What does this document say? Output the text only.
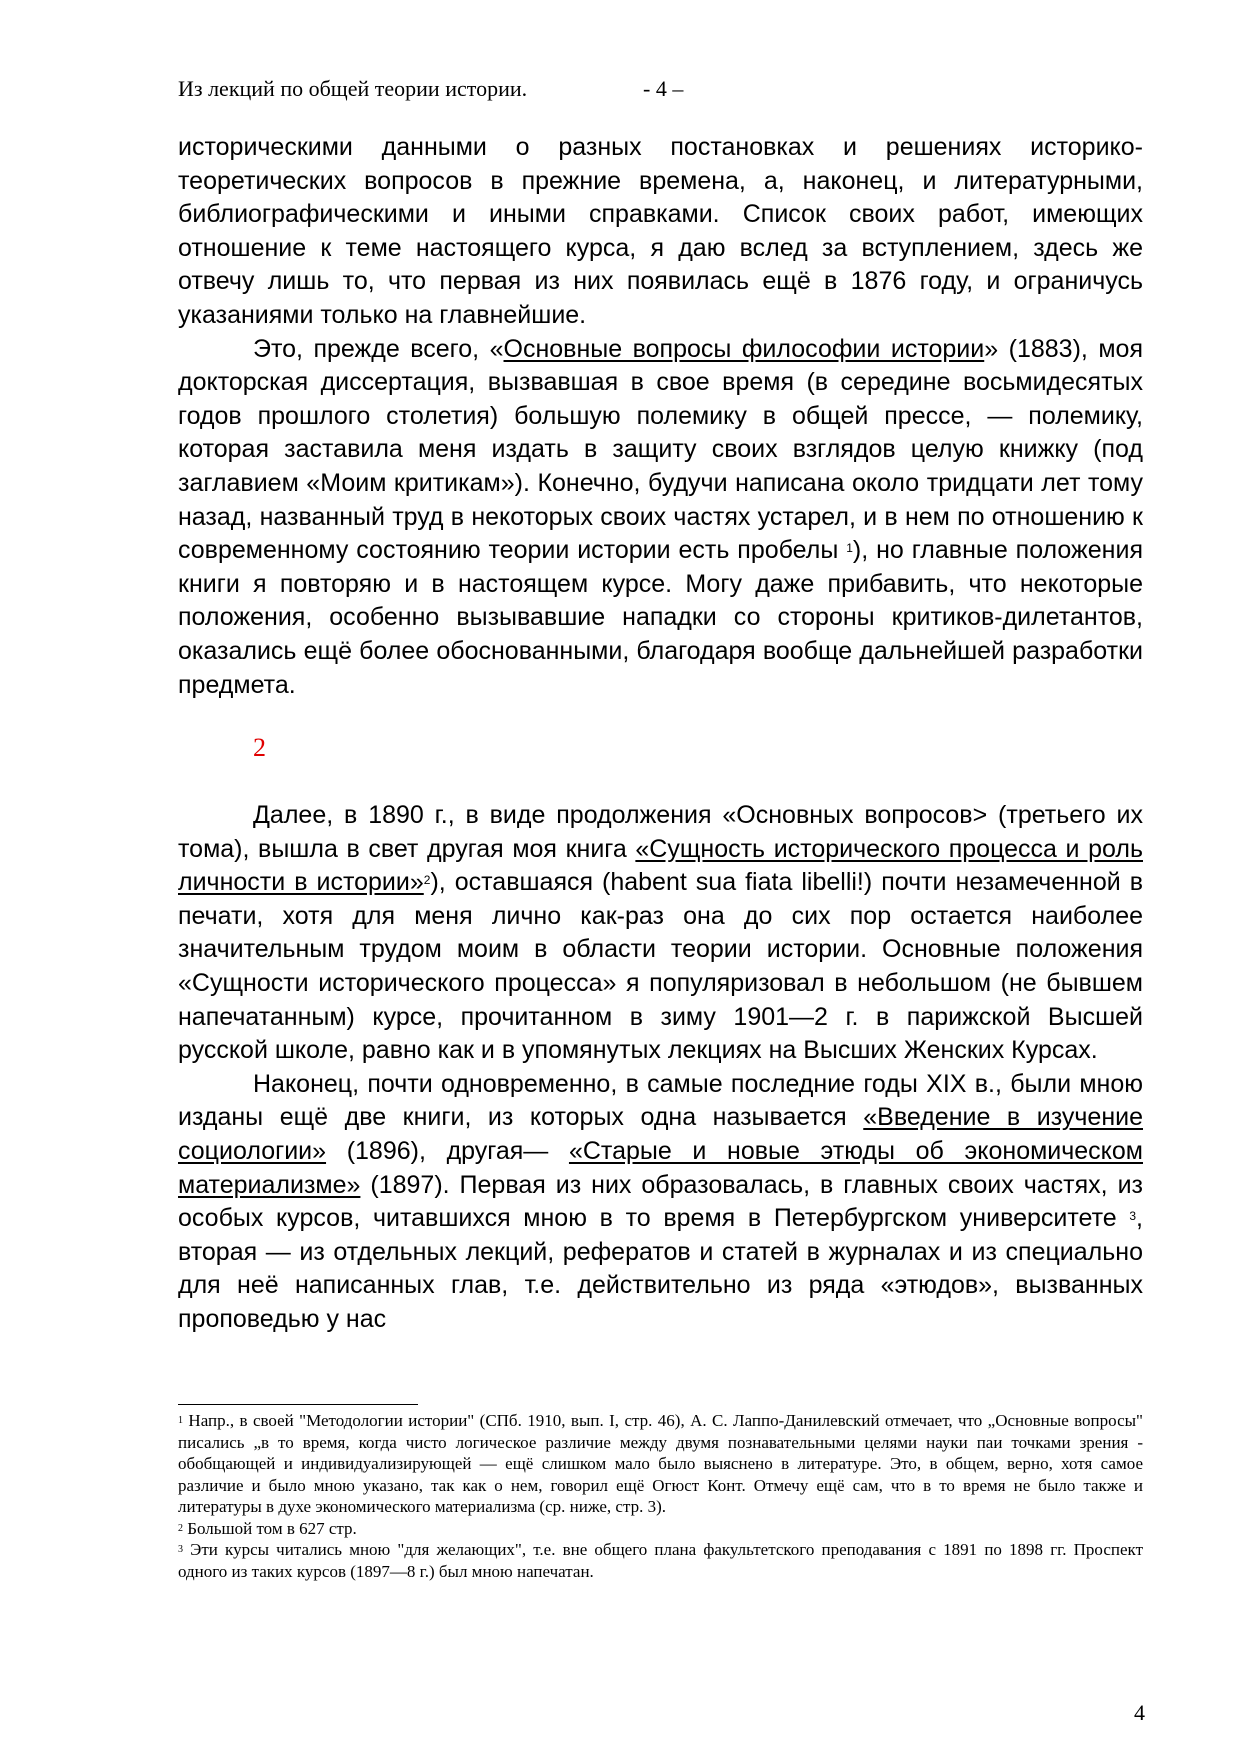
Из лекций по общей теории истории.	- 4 –

историческими данными о разных постановках и решениях историко-теоретических вопросов в прежние времена, а, наконец, и литературными, библиографическими и иными справками. Список своих работ, имеющих отношение к теме настоящего курса, я даю вслед за вступлением, здесь же отвечу лишь то, что первая из них появилась ещё в 1876 году, и ограничусь указаниями только на главнейшие.

Это, прежде всего, «Основные вопросы философии истории» (1883), моя докторская диссертация, вызвавшая в свое время (в середине восьмидесятых годов прошлого столетия) большую полемику в общей прессе, — полемику, которая заставила меня издать в защиту своих взглядов целую книжку (под заглавием «Моим критикам»). Конечно, будучи написана около тридцати лет тому назад, названный труд в некоторых своих частях устарел, и в нем по отношению к современному состоянию теории истории есть пробелы $^1$), но главные положения книги я повторяю и в настоящем курсе. Могу даже прибавить, что некоторые положения, особенно вызывавшие нападки со стороны критиков-дилетантов, оказались ещё более обоснованными, благодаря вообще дальнейшей разработки предмета.

2

Далее, в 1890 г., в виде продолжения «Основных вопросов> (третьего их тома), вышла в свет другая моя книга «Сущность исторического процесса и роль личности в истории»$^2$), оставшаяся (habent sua fiata libelli!) почти незамеченной в печати, хотя для меня лично как-раз она до сих пор остается наиболее значительным трудом моим в области теории истории. Основные положения «Сущности исторического процесса» я популяризовал в небольшом (не бывшем напечатанным) курсе, прочитанном в зиму 1901—2 г. в парижской Высшей русской школе, равно как и в упомянутых лекциях на Высших Женских Курсах.

Наконец, почти одновременно, в самые последние годы XIX в., были мною изданы ещё две книги, из которых одна называется «Введение в изучение социологии» (1896), другая— «Старые и новые этюды об экономическом материализме» (1897). Первая из них образовалась, в главных своих частях, из особых курсов, читавшихся мною в то время в Петербургском университете $^3$, вторая — из отдельных лекций, рефератов и статей в журналах и из специально для неё написанных глав, т.е. действительно из ряда «этюдов», вызванных проповедью у нас

$^1$ Напр., в своей "Методологии истории" (СПб. 1910, вып. I, стр. 46), А. С. Лаппо-Данилевский отмечает, что „Основные вопросы" писались „в то время, когда чисто логическое различие между двумя познавательными целями науки паи точками зрения - обобщающей и индивидуализирующей — ещё слишком мало было выяснено в литературе. Это, в общем, верно, хотя самое различие и было мною указано, так как о нем, говорил ещё Огюст Конт. Отмечу ещё сам, что в то время не было также и литературы в духе экономического материализма (ср. ниже, стр. 3).

$^2$ Большой том в 627 стр.

$^3$ Эти курсы читались мною "для желающих", т.е. вне общего плана факультетского преподавания с 1891 по 1898 гг. Проспект одного из таких курсов (1897—8 г.) был мною напечатан.

4
